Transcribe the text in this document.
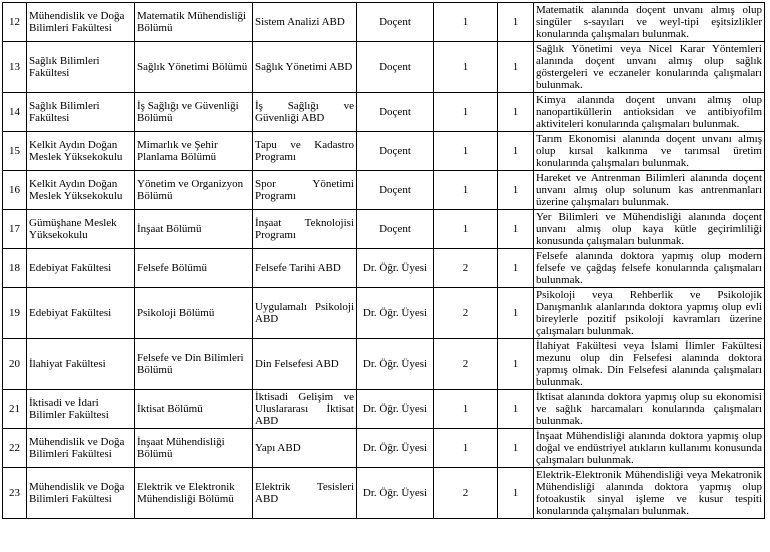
12	Mühendislik ve Doğa Bilimleri Fakültesi	Matematik Mühendisliği Bölümü	Sistem Analizi ABD	Doçent	1	1	Matematik alanında doçent unvanı almış olup singüler s-sayıları ve weyl-tipi eşitsizlikler konularında çalışmaları bulunmak.
13	Sağlık Bilimleri Fakültesi	Sağlık Yönetimi Bölümü	Sağlık Yönetimi ABD	Doçent	1	1	Sağlık Yönetimi veya Nicel Karar Yöntemleri alanında doçent unvanı almış olup sağlık göstergeleri ve eczaneler konularında çalışmaları bulunmak.
14	Sağlık Bilimleri Fakültesi	İş Sağlığı ve Güvenliği Bölümü	İş Sağlığı ve Güvenliği ABD	Doçent	1	1	Kimya alanında doçent unvanı almış olup nanopartiküllerin antioksidan ve antibiyofilm aktiviteleri konularında çalışmaları bulunmak.
15	Kelkit Aydın Doğan Meslek Yüksekokulu	Mimarlık ve Şehir Planlama Bölümü	Tapu ve Kadastro Programı	Doçent	1	1	Tarım Ekonomisi alanında doçent unvanı almış olup kırsal kalkınma ve tarımsal üretim konularında çalışmaları bulunmak.
16	Kelkit Aydın Doğan Meslek Yüksekokulu	Yönetim ve Organizyon Bölümü	Spor Yönetimi Programı	Doçent	1	1	Hareket ve Antrenman Bilimleri alanında doçent unvanı almış olup solunum kas antrenmanları üzerine çalışmaları bulunmak.
17	Gümüşhane Meslek Yüksekokulu	İnşaat Bölümü	İnşaat Teknolojisi Programı	Doçent	1	1	Yer Bilimleri ve Mühendisliği alanında doçent unvanı almış olup kaya kütle geçirimliliği konusunda çalışmaları bulunmak.
18	Edebiyat Fakültesi	Felsefe Bölümü	Felsefe Tarihi ABD	Dr. Öğr. Üyesi	2	1	Felsefe alanında doktora yapmış olup modern felsefe ve çağdaş felsefe konularında çalışmaları bulunmak.
19	Edebiyat Fakültesi	Psikoloji Bölümü	Uygulamalı Psikoloji ABD	Dr. Öğr. Üyesi	2	1	Psikoloji veya Rehberlik ve Psikolojik Danışmanlık alanlarında doktora yapmış olup evli bireylerle pozitif psikoloji kavramları üzerine çalışmaları bulunmak.
20	İlahiyat Fakültesi	Felsefe ve Din Bilimleri Bölümü	Din Felsefesi ABD	Dr. Öğr. Üyesi	2	1	İlahiyat Fakültesi veya İslami İlimler Fakültesi mezunu olup din Felsefesi alanında doktora yapmış olmak. Din Felsefesi alanında çalışmaları bulunmak.
21	İktisadi ve İdari Bilimler Fakültesi	İktisat Bölümü	İktisadi Gelişim ve Uluslararası İktisat ABD	Dr. Öğr. Üyesi	1	1	İktisat alanında doktora yapmış olup su ekonomisi ve sağlık harcamaları konularında çalışmaları bulunmak.
22	Mühendislik ve Doğa Bilimleri Fakültesi	İnşaat Mühendisliği Bölümü	Yapı ABD	Dr. Öğr. Üyesi	1	1	İnşaat Mühendisliği alanında doktora yapmış olup doğal ve endüstriyel atıkların kullanımı konusunda çalışmaları bulunmak.
23	Mühendislik ve Doğa Bilimleri Fakültesi	Elektrik ve Elektronik Mühendisliği Bölümü	Elektrik Tesisleri ABD	Dr. Öğr. Üyesi	2	1	Elektrik-Elektronik Mühendisliği veya Mekatronik Mühendisliği alanında doktora yapmış olup fotoakustik sinyal işleme ve kusur tespiti konularında çalışmaları bulunmak.
